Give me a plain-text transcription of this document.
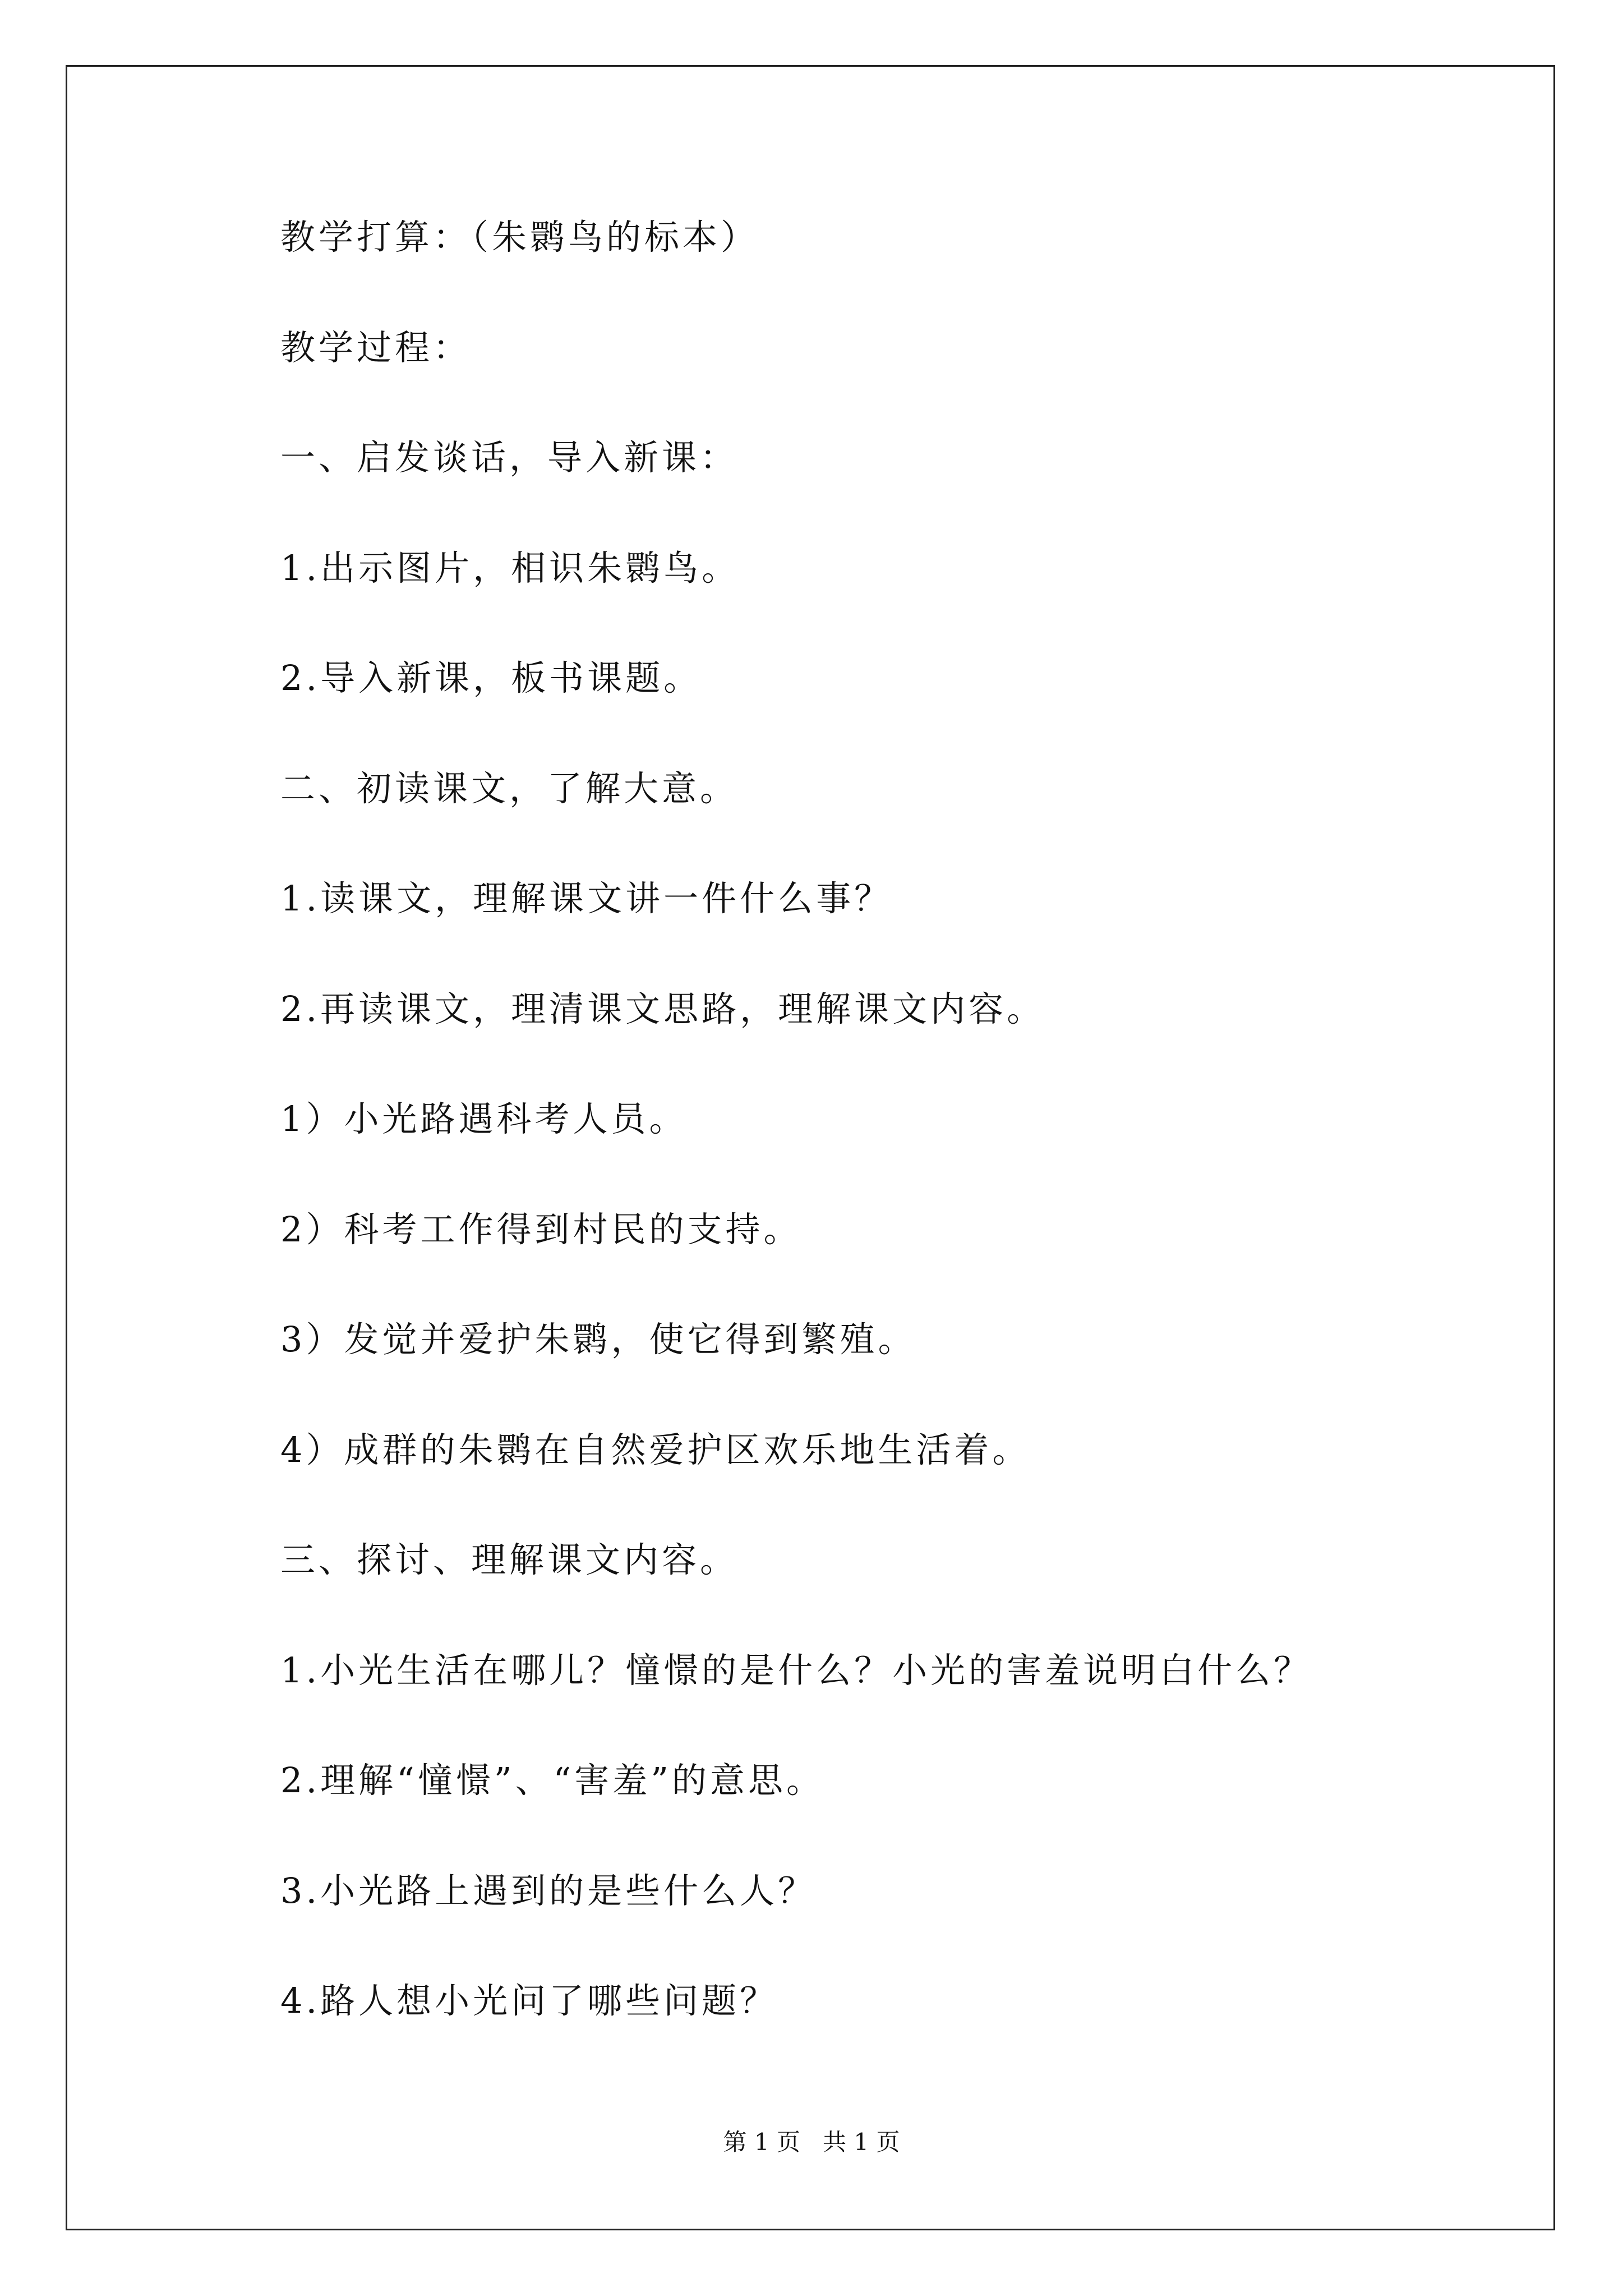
教学打算：（朱鹮鸟的标本）

教学过程：

一、启发谈话，导入新课：

1.出示图片，相识朱鹮鸟。

2.导入新课，板书课题。

二、初读课文，了解大意。

1.读课文，理解课文讲一件什么事？

2.再读课文，理清课文思路，理解课文内容。

1）小光路遇科考人员。

2）科考工作得到村民的支持。

3）发觉并爱护朱鹮，使它得到繁殖。

4）成群的朱鹮在自然爱护区欢乐地生活着。

三、探讨、理解课文内容。

1.小光生活在哪儿？憧憬的是什么？小光的害羞说明白什么？

2.理解“憧憬”、“害羞”的意思。

3.小光路上遇到的是些什么人？

4.路人想小光问了哪些问题？

第 1 页   共 1 页
